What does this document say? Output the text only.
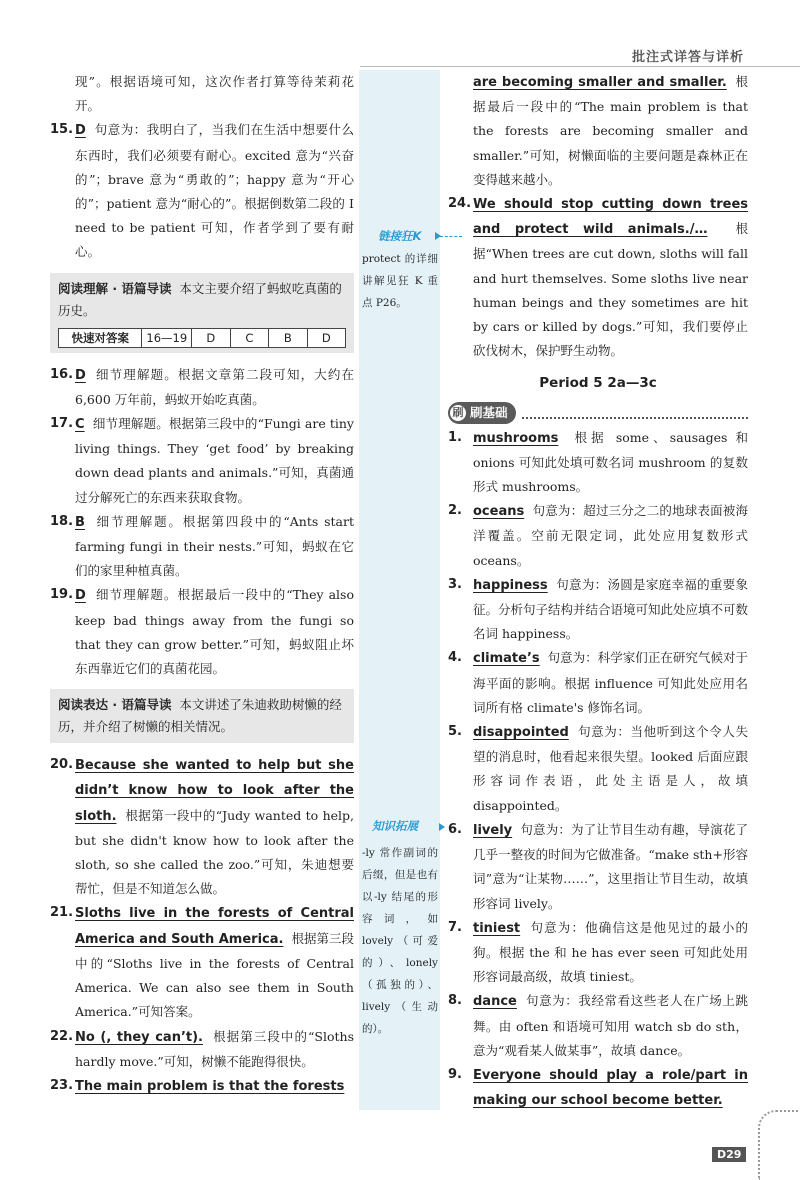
批注式详答与详析

现”。根据语境可知，这次作者打算等待茉莉花开。

15. D 句意为：我明白了，当我们在生活中想要什么东西时，我们必须要有耐心。excited 意为“兴奋的”；brave 意为“勇敢的”；happy 意为“开心的”；patient 意为“耐心的”。根据倒数第二段的 I need to be patient 可知，作者学到了要有耐心。

阅读理解 · 语篇导读 本文主要介绍了蚂蚁吃真菌的历史。
快速对答案	16—19	D	C	B	D
16. D 细节理解题。根据文章第二段可知，大约在 6,600 万年前，蚂蚁开始吃真菌。

17. C 细节理解题。根据第三段中的“Fungi are tiny living things. They ‘get food’ by breaking down dead plants and animals.”可知，真菌通过分解死亡的东西来获取食物。

18. B 细节理解题。根据第四段中的“Ants start farming fungi in their nests.”可知，蚂蚁在它们的家里种植真菌。

19. D 细节理解题。根据最后一段中的“They also keep bad things away from the fungi so that they can grow better.”可知，蚂蚁阻止坏东西靠近它们的真菌花园。

阅读表达 · 语篇导读 本文讲述了朱迪救助树懒的经历，并介绍了树懒的相关情况。
20. Because she wanted to help but she didn’t know how to look after the sloth. 根据第一段中的“Judy wanted to help, but she didn't know how to look after the sloth, so she called the zoo.”可知，朱迪想要帮忙，但是不知道怎么做。

21. Sloths live in the forests of Central America and South America. 根据第三段中的“Sloths live in the forests of Central America. We can also see them in South America.”可知答案。

22. No (, they can’t). 根据第三段中的“Sloths hardly move.”可知，树懒不能跑得很快。

23. The main problem is that the forests

链接狂K
protect 的详细讲解见狂 K 重点 P26。
知识拓展
-ly 常作副词的后缀，但是也有以-ly 结尾的形容词，如 lovely（可爱的）、lonely（孤独的）、lively（生动的）。

are becoming smaller and smaller. 根据最后一段中的“The main problem is that the forests are becoming smaller and smaller.”可知，树懒面临的主要问题是森林正在变得越来越小。

24. We should stop cutting down trees and protect wild animals./… 根据“When trees are cut down, sloths will fall and hurt themselves. Some sloths live near human beings and they sometimes are hit by cars or killed by dogs.”可知，我们要停止砍伐树木，保护野生动物。

Period 5 2a—3c
刷 刷基础
1. mushrooms 根据 some、sausages 和 onions 可知此处填可数名词 mushroom 的复数形式 mushrooms。

2. oceans 句意为：超过三分之二的地球表面被海洋覆盖。空前无限定词，此处应用复数形式 oceans。

3. happiness 句意为：汤圆是家庭幸福的重要象征。分析句子结构并结合语境可知此处应填不可数名词 happiness。

4. climate’s 句意为：科学家们正在研究气候对于海平面的影响。根据 influence 可知此处应用名词所有格 climate's 修饰名词。

5. disappointed 句意为：当他听到这个令人失望的消息时，他看起来很失望。looked 后面应跟形容词作表语，此处主语是人，故填 disappointed。

6. lively 句意为：为了让节目生动有趣，导演花了几乎一整夜的时间为它做准备。“make sth+形容词”意为“让某物……”，这里指让节目生动，故填形容词 lively。

7. tiniest 句意为：他确信这是他见过的最小的狗。根据 the 和 he has ever seen 可知此处用形容词最高级，故填 tiniest。

8. dance 句意为：我经常看这些老人在广场上跳舞。由 often 和语境可知用 watch sb do sth，意为“观看某人做某事”，故填 dance。

9. Everyone should play a role/part in making our school become better.

D29
